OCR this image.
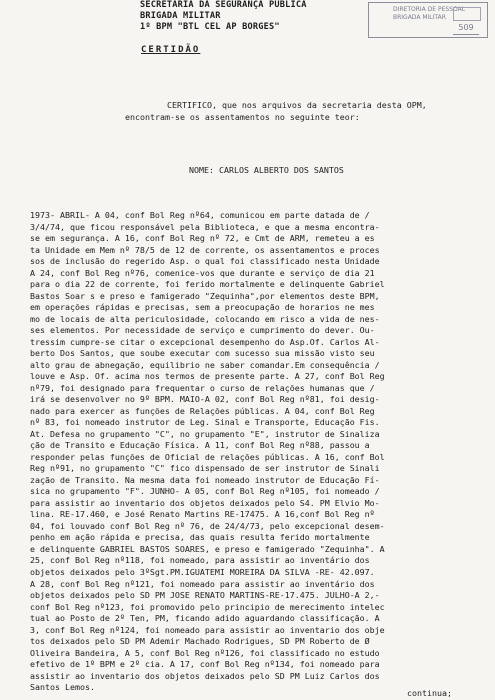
SECRETARIA DA SEGURANÇA PÚBLICA
BRIGADA MILITAR
1º BPM "BTL CEL AP BORGES"
DIRETORIA DE PESSOAL
BRIGADA MILITAR
509
CERTIDÃO
CERTIFICO, que nos arquivos da secretaria desta OPM,
encontram-se os assentamentos no seguinte teor:
NOME: CARLOS ALBERTO DOS SANTOS
1973- ABRIL- A 04, conf Bol Reg nº64, comunicou em parte datada de /
3/4/74, que ficou responsável pela Biblioteca, e que a mesma encontra-
se em segurança. A 16, conf Bol Reg nº 72, e Cmt de ARM, remeteu a es
ta Unidade em Mem nº 78/5 de 12 de corrente, os assentamentos e proces
sos de inclusão do regerido Asp. o qual foi classificado nesta Unidade
A 24, conf Bol Reg nº76, comenice-vos que durante e serviço de dia 21
para o dia 22 de corrente, foi ferido mortalmente e delinquente Gabriel
Bastos Soar s e preso e famigerado "Zequinha",por elementos deste BPM,
em operações rápidas e precisas, sem a preocupação de horarios ne mes
mo de locais de alta periculosidade, colocando em risco a vida de nes-
ses elementos. Por necessidade de serviço e cumprimento do dever. Ou-
tressim cumpre-se citar o excepcional desempenho do Asp.Of. Carlos Al-
berto Dos Santos, que soube executar com sucesso sua missão visto seu
alto grau de abnegação, equilibrio ne saber comandar.Em consequência /
louve e Asp. Of. acima nos termos de presente parte. A 27, conf Bol Reg
nº79, foi designado para frequentar o curso de relações humanas que /
irá se desenvolver no 9º BPM. MAIO-A 02, conf Bol Reg nº81, foi desig-
nado para exercer as funções de Relações públicas. A 04, conf Bol Reg
nº 83, foi nomeado instrutor de Leg. Sinal e Transporte, Educação Fis.
At. Defesa no grupamento "C", no grupamento "E", instrutor de Sinaliza
ção de Transito e Educação Física. A 11, conf Bol Reg nº88, passou a
responder pelas funções de Oficial de relações públicas. A 16, conf Bol
Reg nº91, no grupamento "C" fico dispensado de ser instrutor de Sinali
zação de Transito. Na mesma data foi nomeado instrutor de Educação Fí-
sica no grupamento "F". JUNHO- A 05, conf Bol Reg nº105, foi nomeado /
para assistir ao inventario dos objetos deixados pelo S4. PM Elvio Mo-
lina. RE-17.460, e José Renato Martins RE-17475. A 16,conf Bol Reg nº
04, foi louvado conf Bol Reg nº 76, de 24/4/73, pelo excepcional desem-
penho em ação rápida e precisa, das quais resulta ferido mortalmente
e delinquente GABRIEL BASTOS SOARES, e preso e famigerado "Zequinha". A
25, conf Bol Reg nº118, foi nomeado, para assistir ao inventário dos
objetos deixados pelo 3ºSgt.PM.IGUATEMI MOREIRA DA SILVA -RE- 42.097.
A 28, conf Bol Reg nº121, foi nomeado para assistir ao inventário dos
objetos deixados pelo SD PM JOSE RENATO MARTINS-RE-17.475. JULHO-A 2,-
conf Bol Reg nº123, foi promovido pelo principio de merecimento intelec
tual ao Posto de 2º Ten, PM, ficando adido aguardando classificação. A
3, conf Bol Reg nº124, foi nomeado para assistir ao inventario dos obje
tos deixados pelo SD PM Ademir Machado Rodrigues, SD PM Roberto de Ø
Oliveira Bandeira, A 5, conf Bol Reg nº126, foi classificado no estudo
efetivo de 1º BPM e 2º cia. A 17, conf Bol Reg nº134, foi nomeado para
assistir ao inventario dos objetos deixados pelo SD PM Luiz Carlos dos
Santos Lemos.
continua;
